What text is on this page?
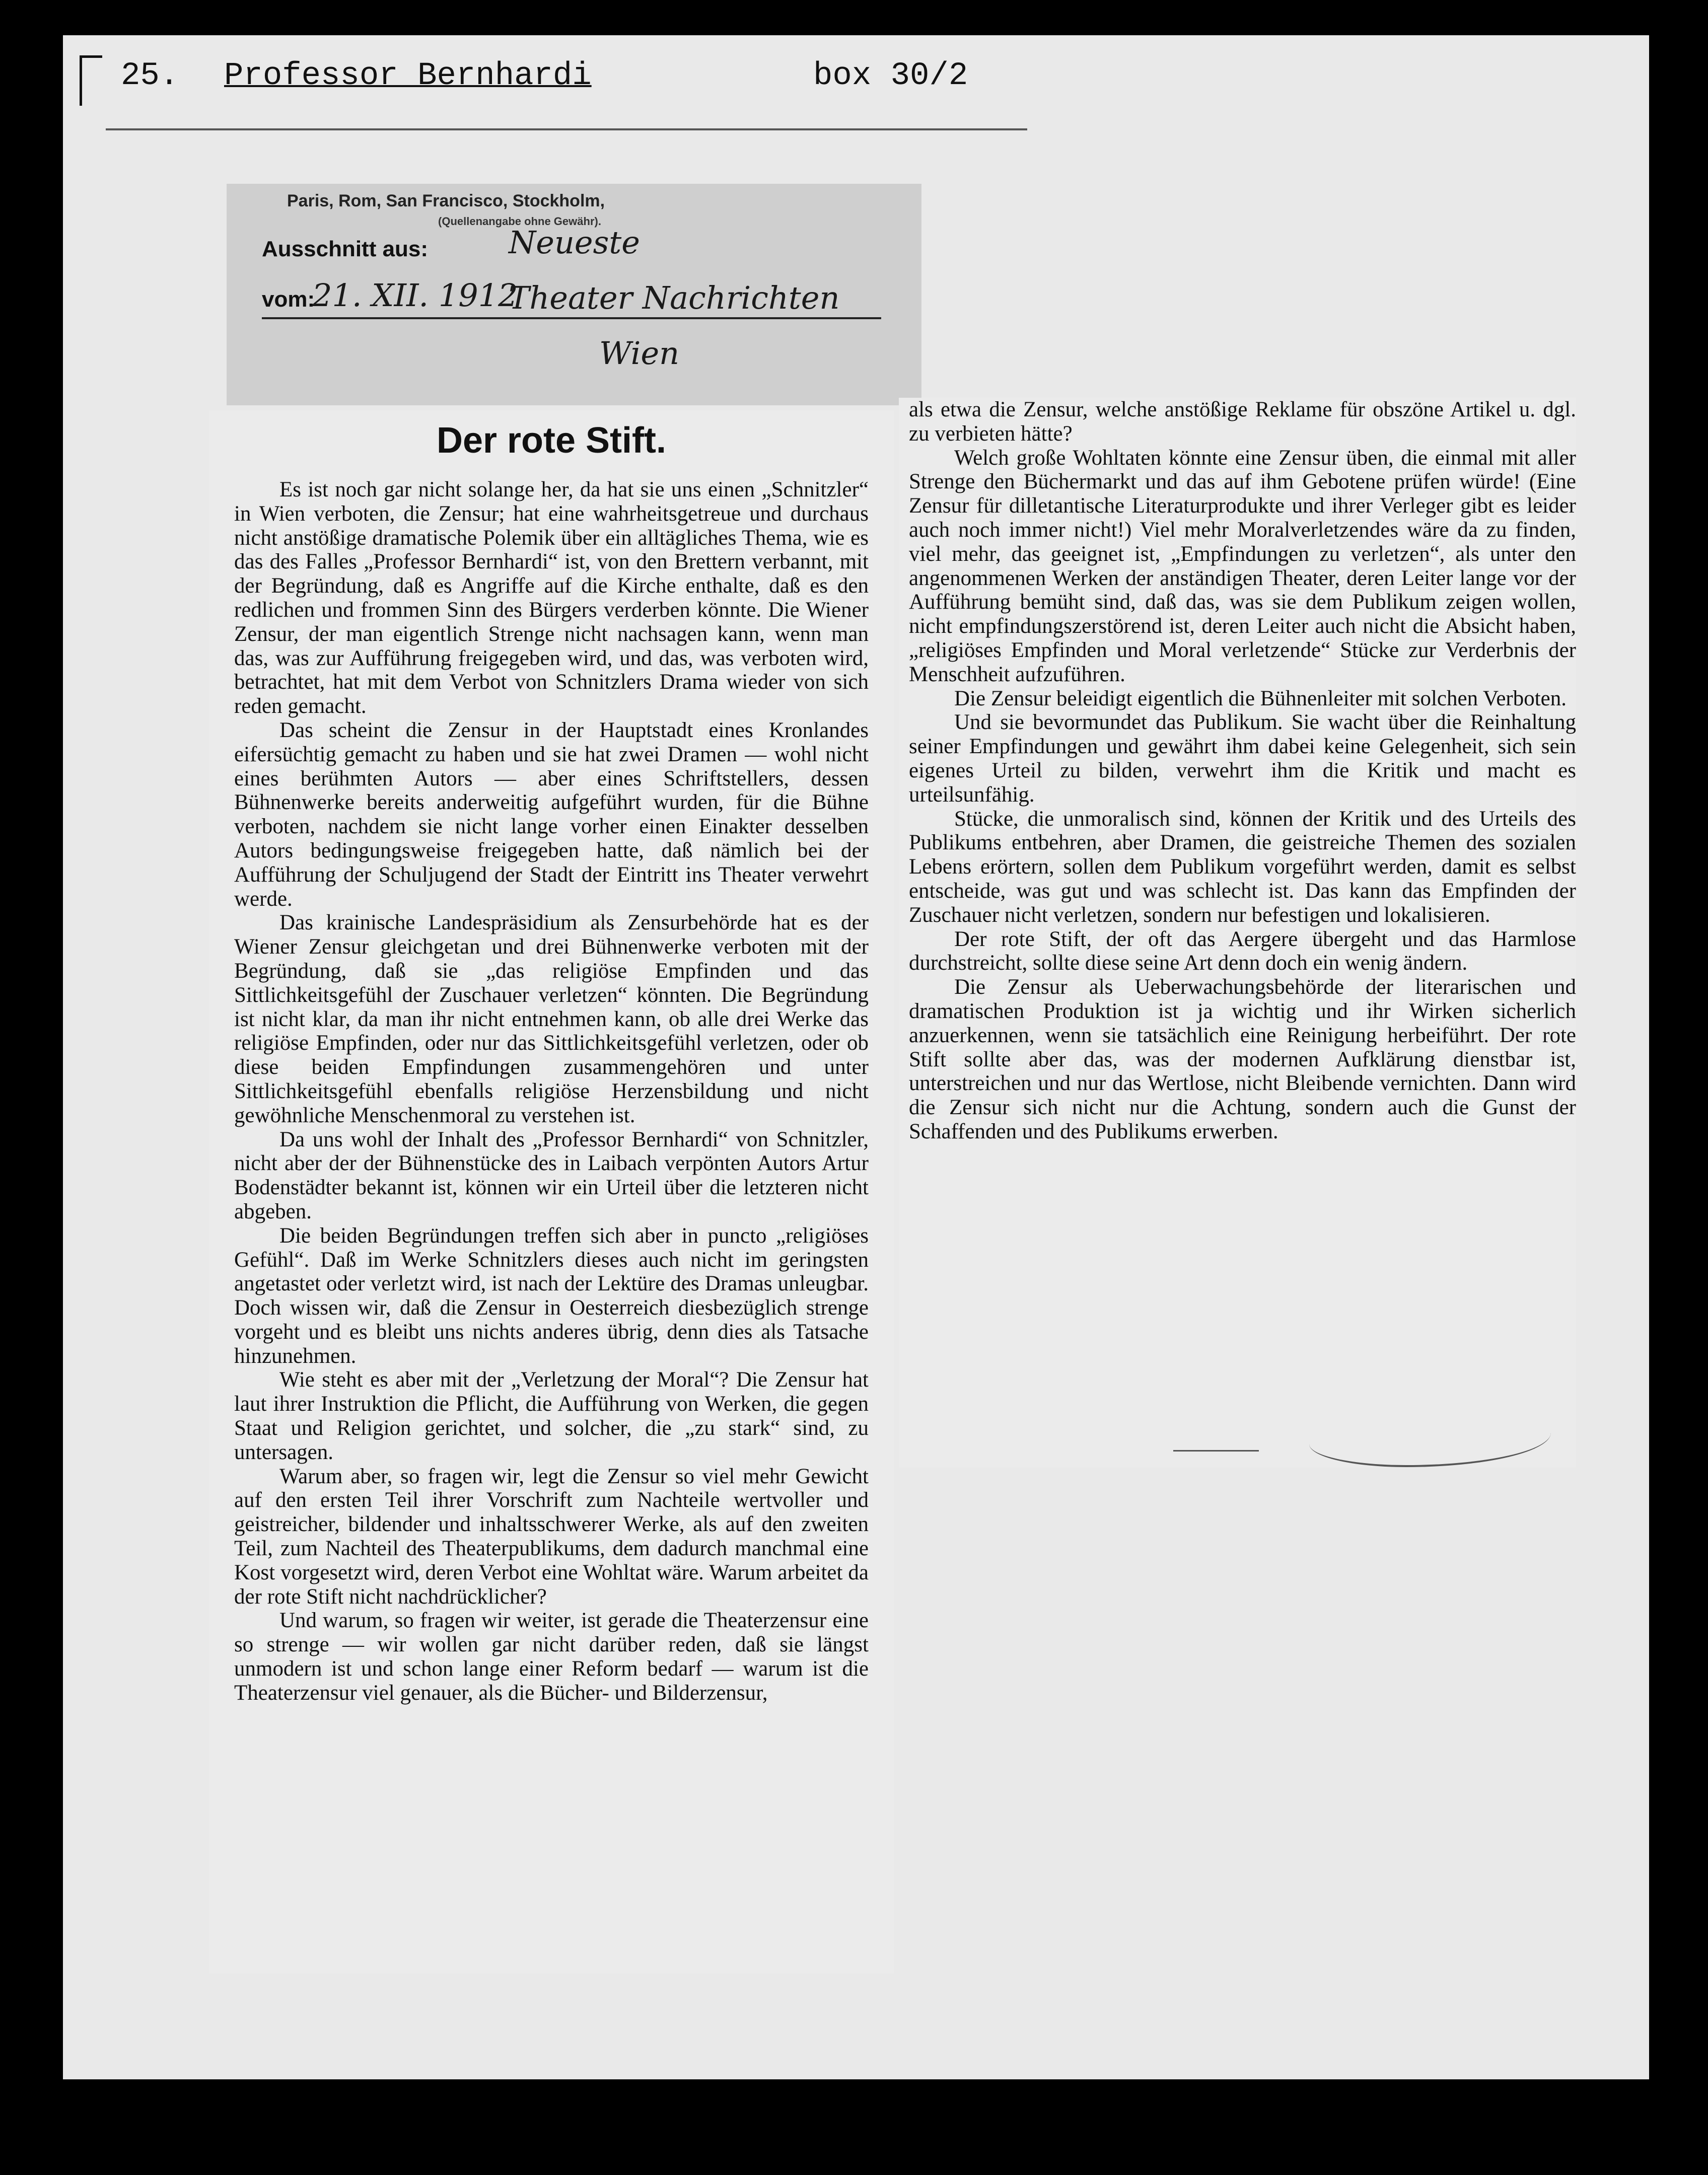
25. Professor Bernhardi	box 30/2
Paris, Rom, San Francisco, Stockholm,
(Quellenangabe ohne Gewähr).
Ausschnitt aus:
vom:
Neueste
21. XII. 1912
Theater Nachrichten
Wien
Der rote Stift.

Es ist noch gar nicht solange her, da hat sie uns einen „Schnitzler“ in Wien verboten, die Zensur; hat eine wahrheitsgetreue und durchaus nicht anstößige dramatische Polemik über ein alltägliches Thema, wie es das des Falles „Professor Bernhardi“ ist, von den Brettern verbannt, mit der Begründung, daß es Angriffe auf die Kirche enthalte, daß es den redlichen und frommen Sinn des Bürgers verderben könnte. Die Wiener Zensur, der man eigentlich Strenge nicht nachsagen kann, wenn man das, was zur Aufführung freigegeben wird, und das, was verboten wird, betrachtet, hat mit dem Verbot von Schnitzlers Drama wieder von sich reden gemacht.

Das scheint die Zensur in der Hauptstadt eines Kronlandes eifersüchtig gemacht zu haben und sie hat zwei Dramen — wohl nicht eines berühmten Autors — aber eines Schriftstellers, dessen Bühnenwerke bereits anderweitig aufgeführt wurden, für die Bühne verboten, nachdem sie nicht lange vorher einen Einakter desselben Autors bedingungsweise freigegeben hatte, daß nämlich bei der Aufführung der Schuljugend der Stadt der Eintritt ins Theater verwehrt werde.

Das krainische Landespräsidium als Zensurbehörde hat es der Wiener Zensur gleichgetan und drei Bühnenwerke verboten mit der Begründung, daß sie „das religiöse Empfinden und das Sittlichkeitsgefühl der Zuschauer verletzen“ könnten. Die Begründung ist nicht klar, da man ihr nicht entnehmen kann, ob alle drei Werke das religiöse Empfinden, oder nur das Sittlichkeitsgefühl verletzen, oder ob diese beiden Empfindungen zusammengehören und unter Sittlichkeitsgefühl ebenfalls religiöse Herzensbildung und nicht gewöhnliche Menschenmoral zu verstehen ist.

Da uns wohl der Inhalt des „Professor Bernhardi“ von Schnitzler, nicht aber der der Bühnenstücke des in Laibach verpönten Autors Artur Bodenstädter bekannt ist, können wir ein Urteil über die letzteren nicht abgeben.

Die beiden Begründungen treffen sich aber in puncto „religiöses Gefühl“. Daß im Werke Schnitzlers dieses auch nicht im geringsten angetastet oder verletzt wird, ist nach der Lektüre des Dramas unleugbar. Doch wissen wir, daß die Zensur in Oesterreich diesbezüglich strenge vorgeht und es bleibt uns nichts anderes übrig, denn dies als Tatsache hinzunehmen.

Wie steht es aber mit der „Verletzung der Moral“? Die Zensur hat laut ihrer Instruktion die Pflicht, die Aufführung von Werken, die gegen Staat und Religion gerichtet, und solcher, die „zu stark“ sind, zu untersagen.

Warum aber, so fragen wir, legt die Zensur so viel mehr Gewicht auf den ersten Teil ihrer Vorschrift zum Nachteile wertvoller und geistreicher, bildender und inhaltsschwerer Werke, als auf den zweiten Teil, zum Nachteil des Theaterpublikums, dem dadurch manchmal eine Kost vorgesetzt wird, deren Verbot eine Wohltat wäre. Warum arbeitet da der rote Stift nicht nachdrücklicher?

Und warum, so fragen wir weiter, ist gerade die Theaterzensur eine so strenge — wir wollen gar nicht darüber reden, daß sie längst unmodern ist und schon lange einer Reform bedarf — warum ist die Theaterzensur viel genauer, als die Bücher- und Bilderzensur,

als etwa die Zensur, welche anstößige Reklame für obszöne Artikel u. dgl. zu verbieten hätte?

Welch große Wohltaten könnte eine Zensur üben, die einmal mit aller Strenge den Büchermarkt und das auf ihm Gebotene prüfen würde! (Eine Zensur für dilletantische Literaturprodukte und ihrer Verleger gibt es leider auch noch immer nicht!) Viel mehr Moralverletzendes wäre da zu finden, viel mehr, das geeignet ist, „Empfindungen zu verletzen“, als unter den angenommenen Werken der anständigen Theater, deren Leiter lange vor der Aufführung bemüht sind, daß das, was sie dem Publikum zeigen wollen, nicht empfindungszerstörend ist, deren Leiter auch nicht die Absicht haben, „religiöses Empfinden und Moral verletzende“ Stücke zur Verderbnis der Menschheit aufzuführen.

Die Zensur beleidigt eigentlich die Bühnenleiter mit solchen Verboten.

Und sie bevormundet das Publikum. Sie wacht über die Reinhaltung seiner Empfindungen und gewährt ihm dabei keine Gelegenheit, sich sein eigenes Urteil zu bilden, verwehrt ihm die Kritik und macht es urteilsunfähig.

Stücke, die unmoralisch sind, können der Kritik und des Urteils des Publikums entbehren, aber Dramen, die geistreiche Themen des sozialen Lebens erörtern, sollen dem Publikum vorgeführt werden, damit es selbst entscheide, was gut und was schlecht ist. Das kann das Empfinden der Zuschauer nicht verletzen, sondern nur befestigen und lokalisieren.

Der rote Stift, der oft das Aergere übergeht und das Harmlose durchstreicht, sollte diese seine Art denn doch ein wenig ändern.

Die Zensur als Ueberwachungsbehörde der literarischen und dramatischen Produktion ist ja wichtig und ihr Wirken sicherlich anzuerkennen, wenn sie tatsächlich eine Reinigung herbeiführt. Der rote Stift sollte aber das, was der modernen Aufklärung dienstbar ist, unterstreichen und nur das Wertlose, nicht Bleibende vernichten. Dann wird die Zensur sich nicht nur die Achtung, sondern auch die Gunst der Schaffenden und des Publikums erwerben.
